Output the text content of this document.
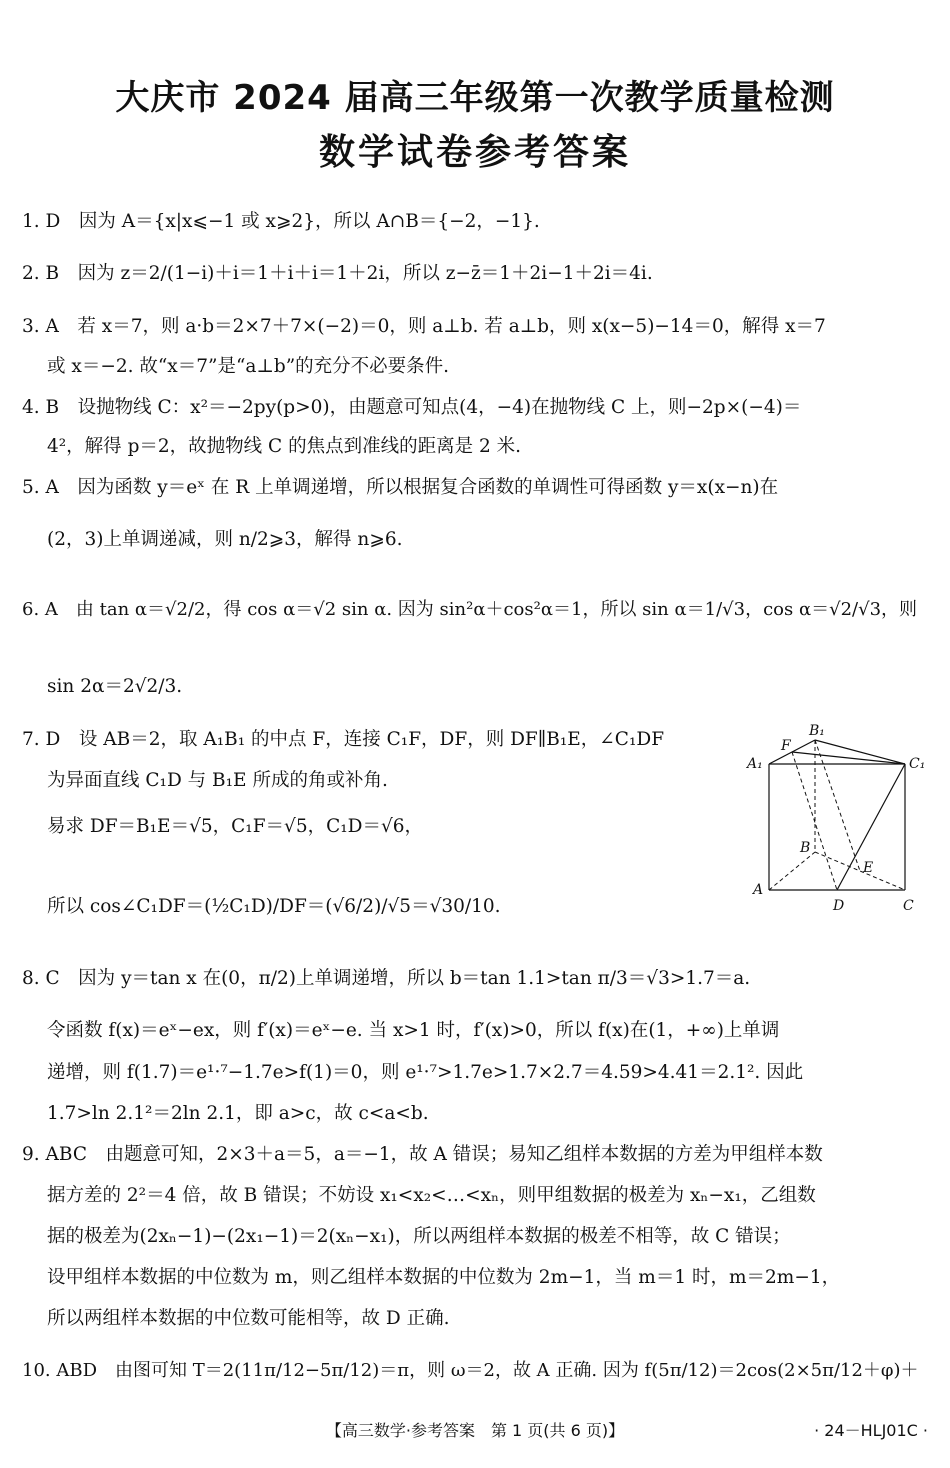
大庆市 2024 届高三年级第一次教学质量检测
数学试卷参考答案
1. D　因为 A＝{x|x⩽−1 或 x⩾2}，所以 A∩B＝{−2，−1}.
2. B　因为 z＝2/(1−i)＋i＝1＋i＋i＝1＋2i，所以 z−z̄＝1＋2i−1＋2i＝4i.
3. A　若 x＝7，则 a·b＝2×7＋7×(−2)＝0，则 a⊥b. 若 a⊥b，则 x(x−5)−14＝0，解得 x＝7
或 x＝−2. 故“x＝7”是“a⊥b”的充分不必要条件.
4. B　设抛物线 C：x²＝−2py(p>0)，由题意可知点(4，−4)在抛物线 C 上，则−2p×(−4)＝
4²，解得 p＝2，故抛物线 C 的焦点到准线的距离是 2 米.
5. A　因为函数 y＝eˣ 在 R 上单调递增，所以根据复合函数的单调性可得函数 y＝x(x−n)在
(2，3)上单调递减，则 n/2⩾3，解得 n⩾6.
6. A　由 tan α＝√2/2，得 cos α＝√2 sin α. 因为 sin²α＋cos²α＝1，所以 sin α＝1/√3，cos α＝√2/√3，则
sin 2α＝2√2/3.
7. D　设 AB＝2，取 A₁B₁ 的中点 F，连接 C₁F，DF，则 DF∥B₁E，∠C₁DF
为异面直线 C₁D 与 B₁E 所成的角或补角.
易求 DF＝B₁E＝√5，C₁F＝√5，C₁D＝√6，
所以 cos∠C₁DF＝(½C₁D)/DF＝(√6/2)/√5＝√30/10.
B₁
F
A₁	C₁
B
E
A
D	C
8. C　因为 y＝tan x 在(0，π/2)上单调递增，所以 b＝tan 1.1>tan π/3＝√3>1.7＝a.
令函数 f(x)＝eˣ−ex，则 f′(x)＝eˣ−e. 当 x>1 时，f′(x)>0，所以 f(x)在(1，+∞)上单调
递增，则 f(1.7)＝e¹·⁷−1.7e>f(1)＝0，则 e¹·⁷>1.7e>1.7×2.7＝4.59>4.41＝2.1². 因此
1.7>ln 2.1²＝2ln 2.1，即 a>c，故 c<a<b.
9. ABC　由题意可知，2×3＋a＝5，a＝−1，故 A 错误；易知乙组样本数据的方差为甲组样本数
据方差的 2²＝4 倍，故 B 错误；不妨设 x₁<x₂<…<xₙ，则甲组数据的极差为 xₙ−x₁，乙组数
据的极差为(2xₙ−1)−(2x₁−1)＝2(xₙ−x₁)，所以两组样本数据的极差不相等，故 C 错误；
设甲组样本数据的中位数为 m，则乙组样本数据的中位数为 2m−1，当 m＝1 时，m＝2m−1，
所以两组样本数据的中位数可能相等，故 D 正确.
10. ABD　由图可知 T＝2(11π/12−5π/12)＝π，则 ω＝2，故 A 正确. 因为 f(5π/12)＝2cos(2×5π/12＋φ)＋
【高三数学·参考答案　第 1 页(共 6 页)】	· 24－HLJ01C ·
